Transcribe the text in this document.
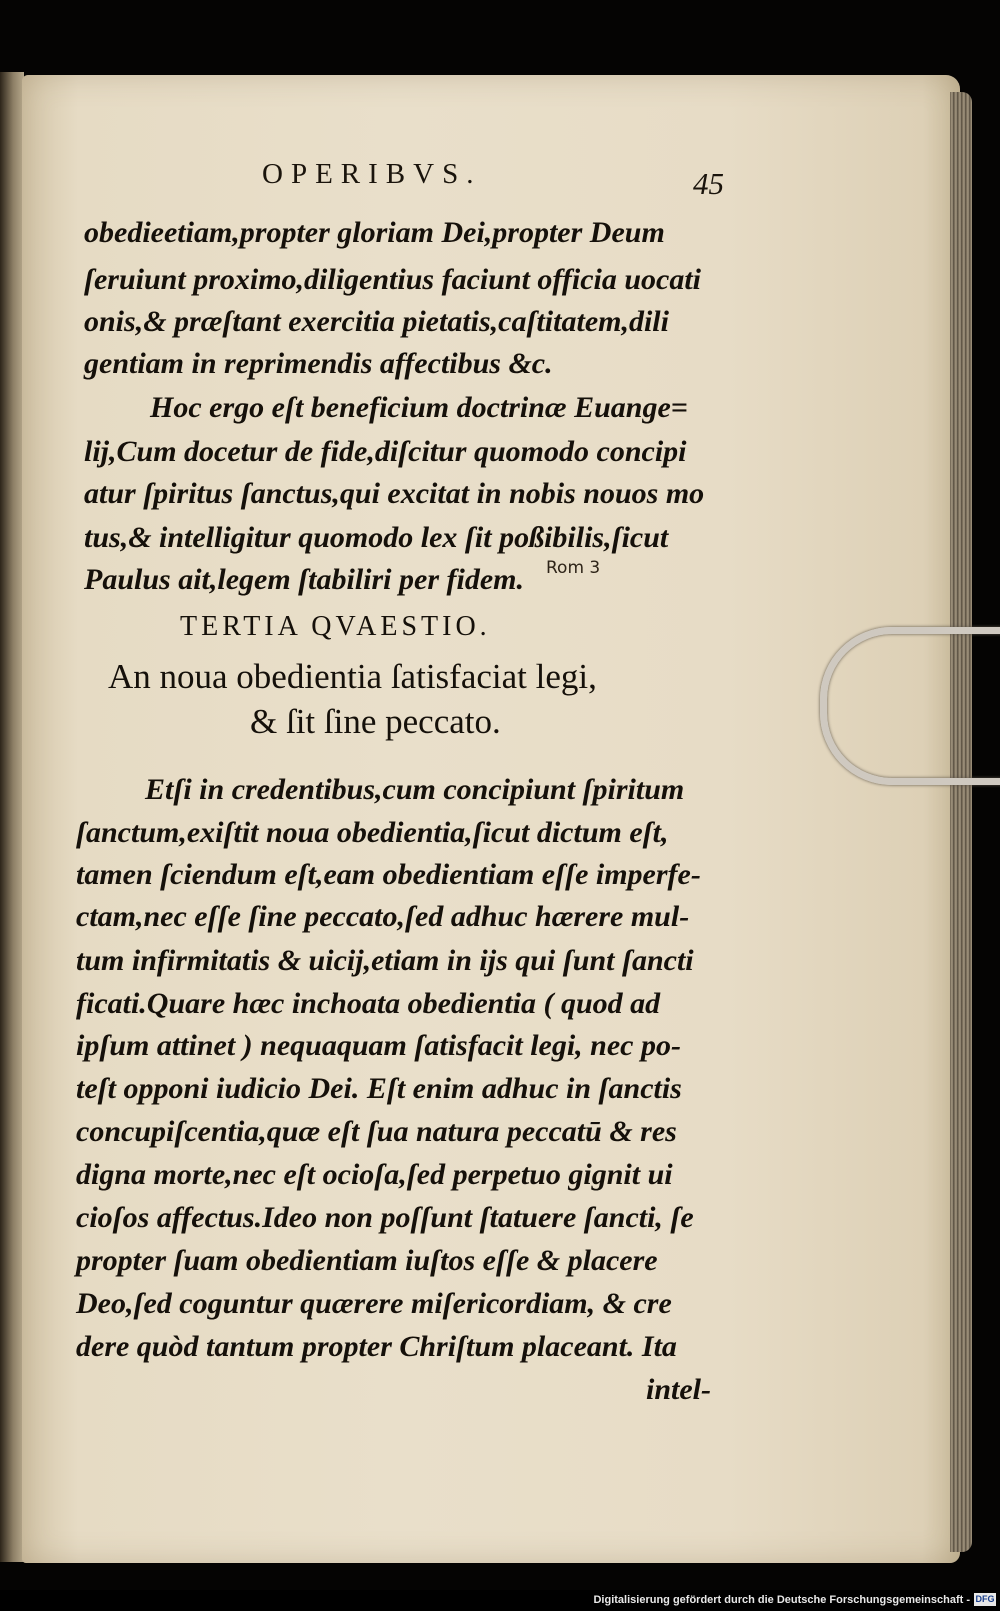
OPERIBVS.	45
obedieetiam,propter gloriam Dei,propter Deum
ſeruiunt proximo,diligentius faciunt officia uocati
onis,& præſtant exercitia pietatis,caſtitatem,dili
gentiam in reprimendis affectibus &c.
Hoc ergo eſt beneficium doctrinæ Euange=
lij,Cum docetur de fide,diſcitur quomodo concipi
atur ſpiritus ſanctus,qui excitat in nobis nouos mo
tus,& intelligitur quomodo lex ſit poßibilis,ſicut
Paulus ait,legem ſtabiliri per fidem. Rom 3
TERTIA QVAESTIO.
An noua obedientia ſatisfaciat legi,
& ſit ſine peccato.
Etſi in credentibus,cum concipiunt ſpiritum
ſanctum,exiſtit noua obedientia,ſicut dictum eſt,
tamen ſciendum eſt,eam obedientiam eſſe imperfe-
ctam,nec eſſe ſine peccato,ſed adhuc hærere mul-
tum infirmitatis & uicij,etiam in ijs qui ſunt ſancti
ficati.Quare hæc inchoata obedientia ( quod ad
ipſum attinet ) nequaquam ſatisfacit legi, nec po-
teſt opponi iudicio Dei. Eſt enim adhuc in ſanctis
concupiſcentia,quæ eſt ſua natura peccatū & res
digna morte,nec eſt ocioſa,ſed perpetuo gignit ui
cioſos affectus.Ideo non poſſunt ſtatuere ſancti, ſe
propter ſuam obedientiam iuſtos eſſe & placere
Deo,ſed coguntur quærere miſericordiam, & cre
dere quòd tantum propter Chriſtum placeant. Ita
intel-
Digitalisierung gefördert durch die Deutsche Forschungsgemeinschaft - DFG
